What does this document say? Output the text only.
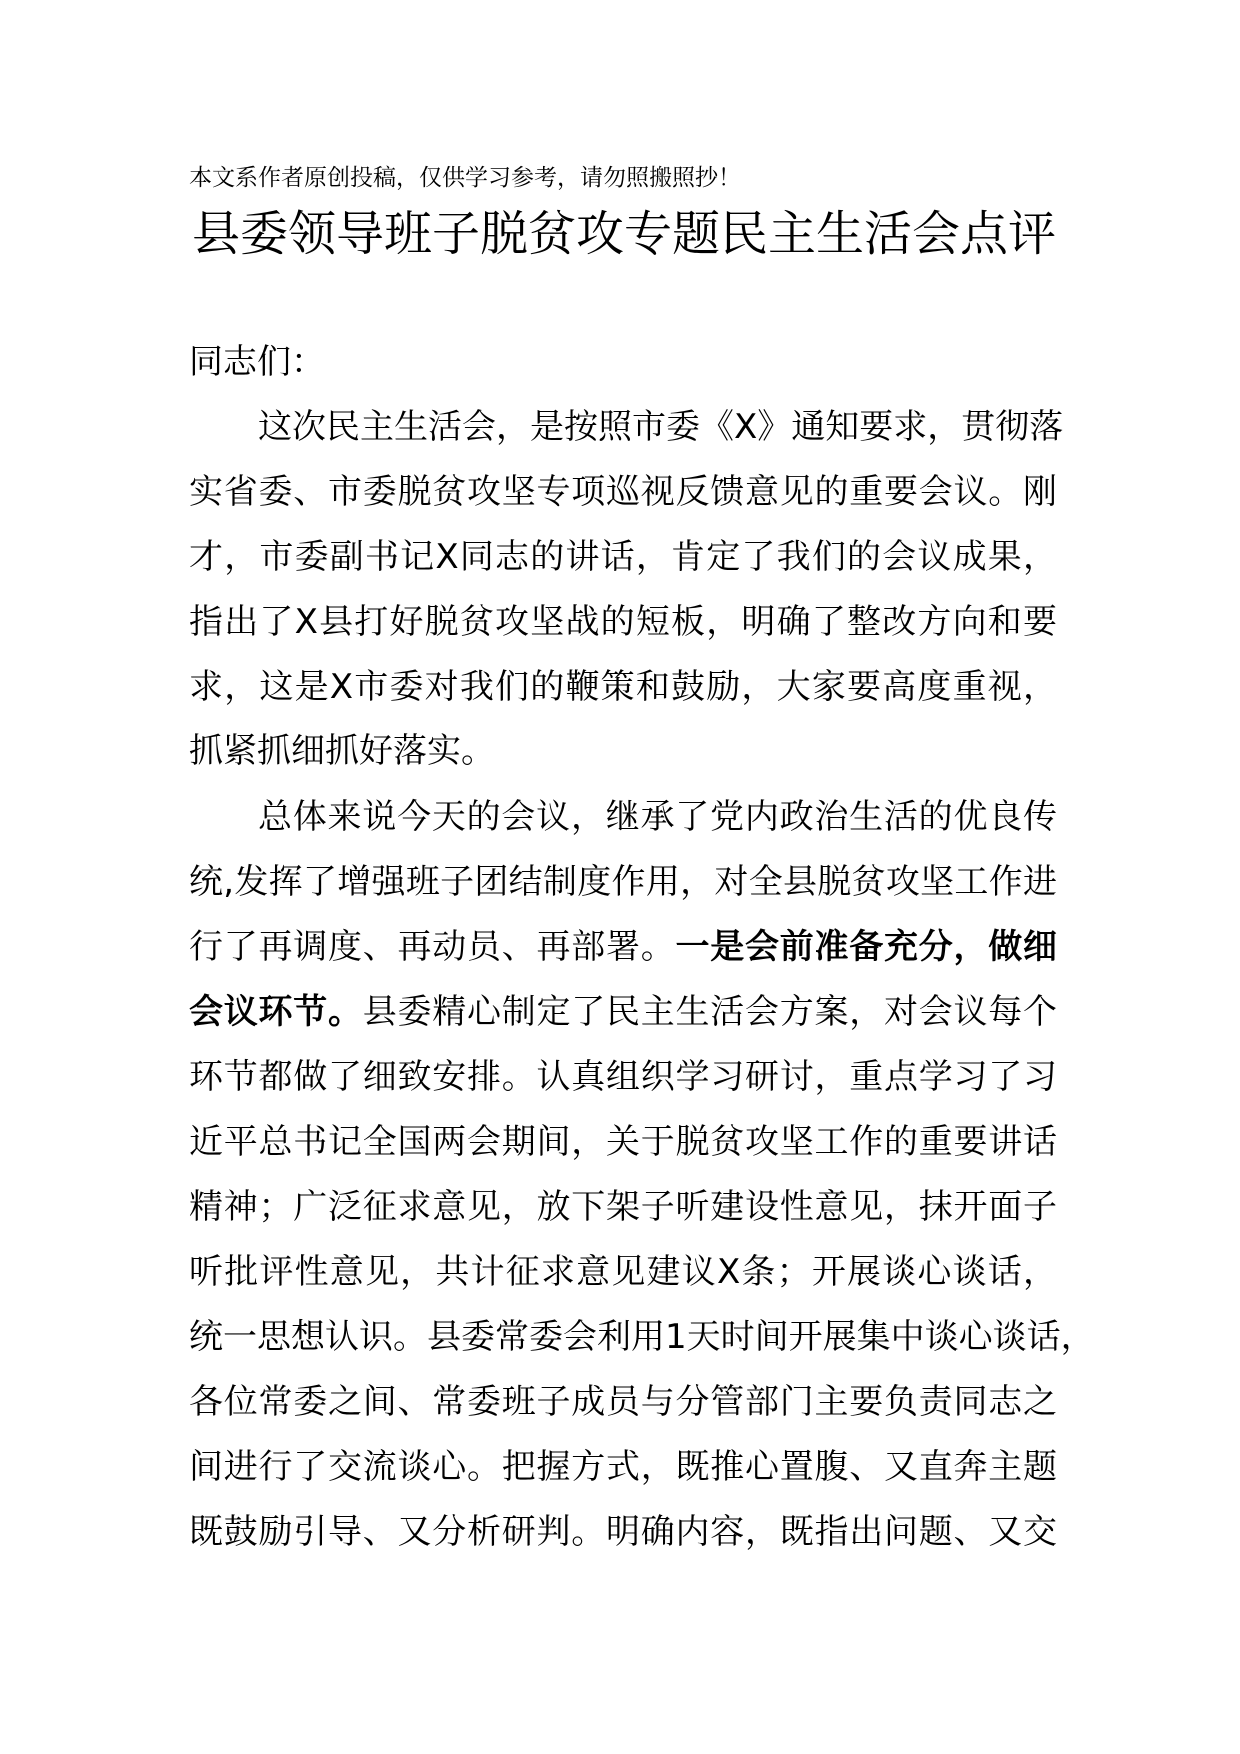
本文系作者原创投稿，仅供学习参考，请勿照搬照抄！
县委领导班子脱贫攻专题民主生活会点评
同志们：
这次民主生活会，是按照市委《X》通知要求，贯彻落
实省委、市委脱贫攻坚专项巡视反馈意见的重要会议。刚
才，市委副书记X同志的讲话，肯定了我们的会议成果，
指出了X县打好脱贫攻坚战的短板，明确了整改方向和要
求，这是X市委对我们的鞭策和鼓励，大家要高度重视，
抓紧抓细抓好落实。
总体来说今天的会议，继承了党内政治生活的优良传
统,发挥了增强班子团结制度作用，对全县脱贫攻坚工作进
行了再调度、再动员、再部署。一是会前准备充分，做细
会议环节。县委精心制定了民主生活会方案，对会议每个
环节都做了细致安排。认真组织学习研讨，重点学习了习
近平总书记全国两会期间，关于脱贫攻坚工作的重要讲话
精神；广泛征求意见，放下架子听建设性意见，抹开面子
听批评性意见，共计征求意见建议X条；开展谈心谈话，
统一思想认识。县委常委会利用1天时间开展集中谈心谈话，
各位常委之间、常委班子成员与分管部门主要负责同志之
间进行了交流谈心。把握方式，既推心置腹、又直奔主题
既鼓励引导、又分析研判。明确内容，既指出问题、又交
